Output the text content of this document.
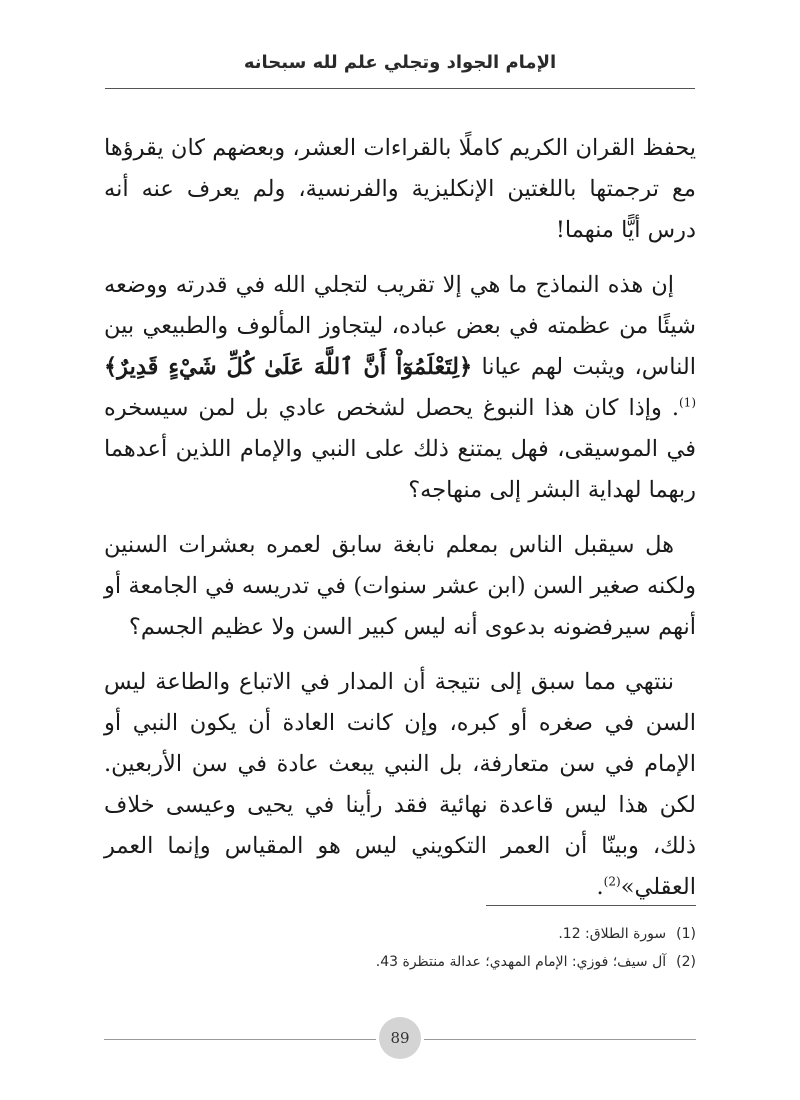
الإمام الجواد وتجلي علم لله سبحانه

يحفظ القران الكريم كاملًا بالقراءات العشر، وبعضهم كان يقرؤها مع ترجمتها باللغتين الإنكليزية والفرنسية، ولم يعرف عنه أنه درس أيًّا منهما!

إن هذه النماذج ما هي إلا تقريب لتجلي الله في قدرته ووضعه شيئًا من عظمته في بعض عباده، ليتجاوز المألوف والطبيعي بين الناس، ويثبت لهم عيانا ﴿لِتَعْلَمُوٓاْ أَنَّ ٱللَّهَ عَلَىٰ كُلِّ شَيْءٍ قَدِيرٌ﴾$^{(1)}$. وإذا كان هذا النبوغ يحصل لشخص عادي بل لمن سيسخره في الموسيقى، فهل يمتنع ذلك على النبي والإمام اللذين أعدهما ربهما لهداية البشر إلى منهاجه؟

هل سيقبل الناس بمعلم نابغة سابق لعمره بعشرات السنين ولكنه صغير السن (ابن عشر سنوات) في تدريسه في الجامعة أو أنهم سيرفضونه بدعوى أنه ليس كبير السن ولا عظيم الجسم؟

ننتهي مما سبق إلى نتيجة أن المدار في الاتباع والطاعة ليس السن في صغره أو كبره، وإن كانت العادة أن يكون النبي أو الإمام في سن متعارفة، بل النبي يبعث عادة في سن الأربعين. لكن هذا ليس قاعدة نهائية فقد رأينا في يحيى وعيسى خلاف ذلك، وبينّا أن العمر التكويني ليس هو المقياس وإنما العمر العقلي»$^{(2)}$.

(1)سورة الطلاق: 12.
(2)آل سيف؛ فوزي: الإمام المهدي؛ عدالة منتظرة 43.
89
